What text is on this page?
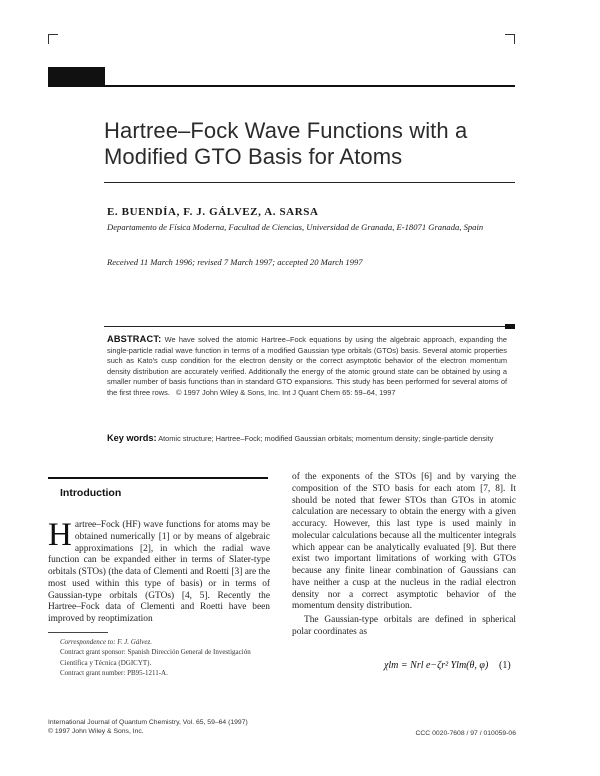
Hartree–Fock Wave Functions with a
Modified GTO Basis for Atoms
E. BUENDÍA, F. J. GÁLVEZ, A. SARSA
Departamento de Física Moderna, Facultad de Ciencias, Universidad de Granada, E-18071 Granada, Spain
Received 11 March 1996; revised 7 March 1997; accepted 20 March 1997
ABSTRACT: We have solved the atomic Hartree–Fock equations by using the algebraic approach, expanding the single-particle radial wave function in terms of a modified Gaussian type orbitals (GTOs) basis. Several atomic properties such as Kato's cusp condition for the electron density or the correct asymptotic behavior of the electron momentum density distribution are accurately verified. Additionally the energy of the atomic ground state can be obtained by using a smaller number of basis functions than in standard GTO expansions. This study has been performed for several atoms of the first three rows. © 1997 John Wiley & Sons, Inc. Int J Quant Chem 65: 59–64, 1997
Key words: Atomic structure; Hartree–Fock; modified Gaussian orbitals; momentum density; single-particle density
Introduction
Hartree–Fock (HF) wave functions for atoms may be obtained numerically [1] or by means of algebraic approximations [2], in which the radial wave function can be expanded either in terms of Slater-type orbitals (STOs) (the data of Clementi and Roetti [3] are the most used within this type of basis) or in terms of Gaussian-type orbitals (GTOs) [4, 5]. Recently the Hartree–Fock data of Clementi and Roetti have been improved by reoptimization

Correspondence to: F. J. Gálvez.

Contract grant sponsor: Spanish Dirección General de Investigación Científica y Técnica (DGICYT).

Contract grant number: PB95-1211-A.

of the exponents of the STOs [6] and by varying the composition of the STO basis for each atom [7, 8]. It should be noted that fewer STOs than GTOs in atomic calculation are necessary to obtain the energy with a given accuracy. However, this last type is used mainly in molecular calculations because all the multicenter integrals which appear can be analytically evaluated [9]. But there exist two important limitations of working with GTOs because any finite linear combination of Gaussians can have neither a cusp at the nucleus in the radial electron density nor a correct asymptotic behavior of the momentum density distribution.

The Gaussian-type orbitals are defined in spherical polar coordinates as

χlm = Nrl e−ζr² Ylm(θ, φ) (1)
International Journal of Quantum Chemistry, Vol. 65, 59–64 (1997)
© 1997 John Wiley & Sons, Inc.	CCC 0020-7608 / 97 / 010059-06
